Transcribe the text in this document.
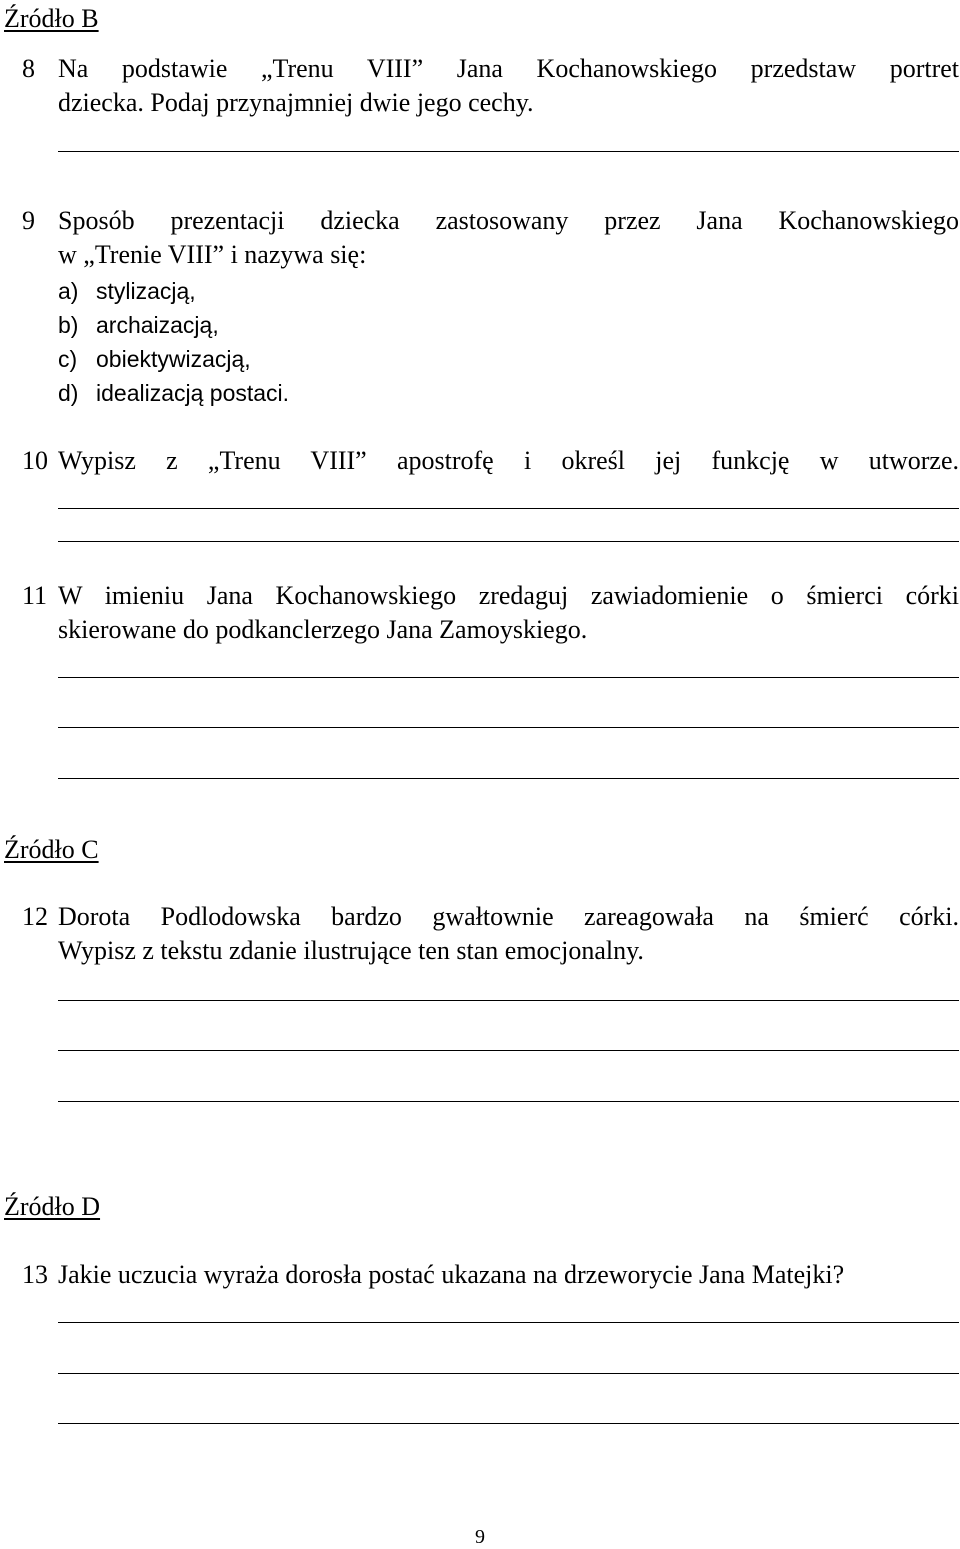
Źródło B
8 Na podstawie „Trenu VIII” Jana Kochanowskiego przedstaw portret
dziecka. Podaj przynajmniej dwie jego cechy.
9 Sposób prezentacji dziecka zastosowany przez Jana Kochanowskiego
w „Trenie VIII” i nazywa się:
a) stylizacją,
b) archaizacją,
c) obiektywizacją,
d) idealizacją postaci.
10 Wypisz z „Trenu VIII” apostrofę i określ jej funkcję w utworze.
11 W imieniu Jana Kochanowskiego zredaguj zawiadomienie o śmierci córki
skierowane do podkanclerzego Jana Zamoyskiego.
Źródło C
12 Dorota Podlodowska bardzo gwałtownie zareagowała na śmierć córki.
Wypisz z tekstu zdanie ilustrujące ten stan emocjonalny.
Źródło D
13 Jakie uczucia wyraża dorosła postać ukazana na drzeworycie Jana Matejki?
9
